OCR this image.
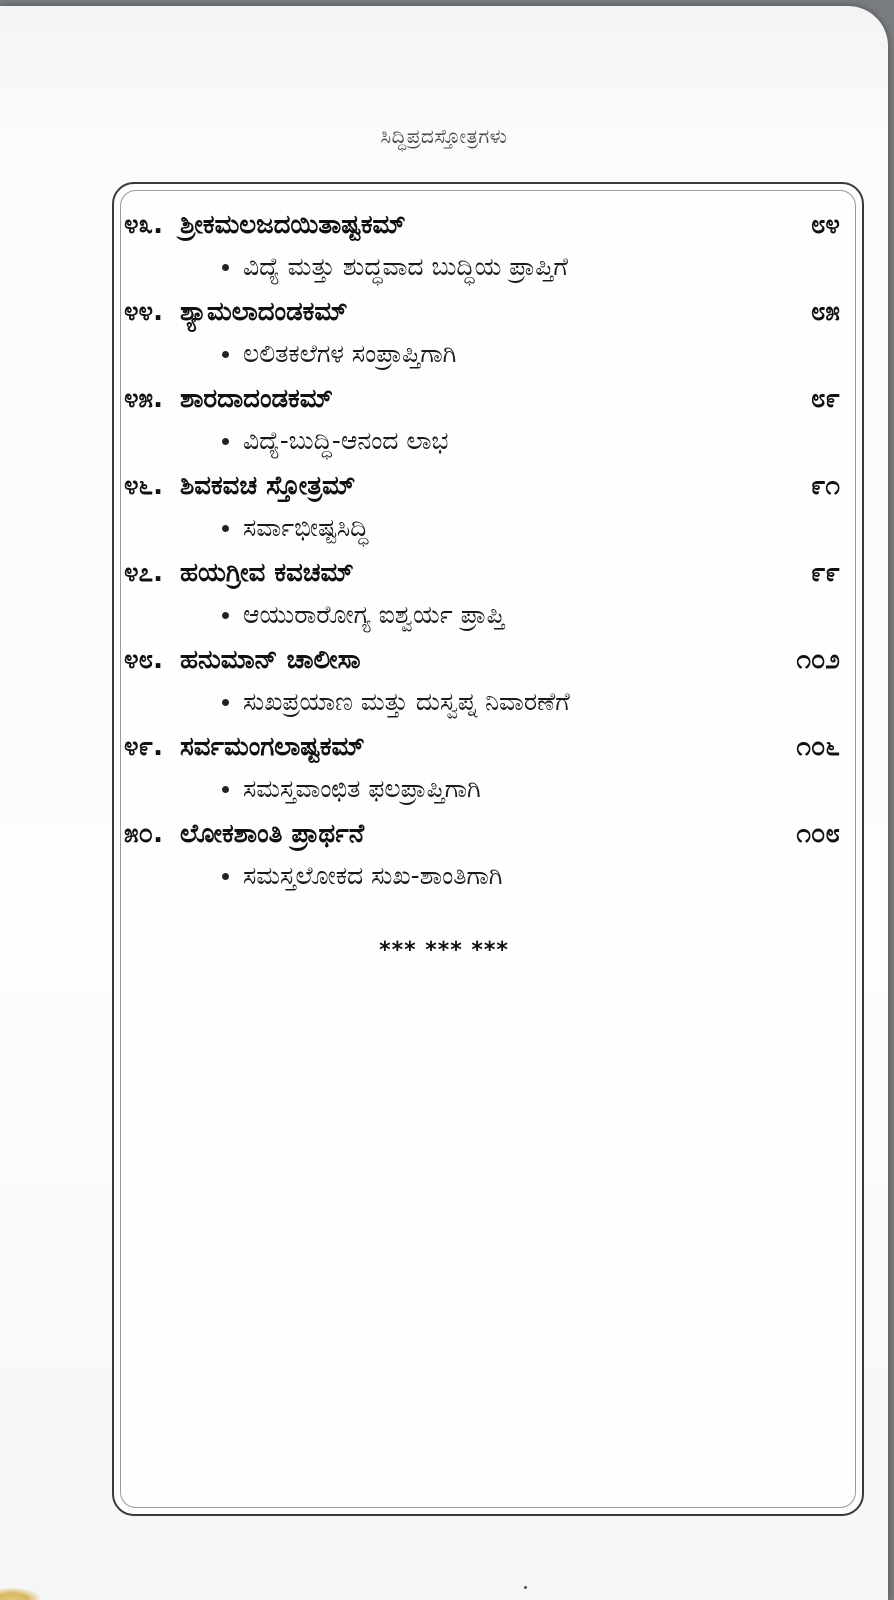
ಸಿದ್ಧಿಪ್ರದಸ್ತೋತ್ರಗಳು
೪೩. ಶ್ರೀಕಮಲಜದಯಿತಾಷ್ಟಕಮ್	೮೪
ವಿದ್ಯೆ ಮತ್ತು ಶುದ್ಧವಾದ ಬುದ್ಧಿಯ ಪ್ರಾಪ್ತಿಗೆ
೪೪. ಶ್ಯಾಮಲಾದಂಡಕಮ್	೮೫
ಲಲಿತಕಲೆಗಳ ಸಂಪ್ರಾಪ್ತಿಗಾಗಿ
೪೫. ಶಾರದಾದಂಡಕಮ್	೮೯
ವಿದ್ಯೆ-ಬುದ್ಧಿ-ಆನಂದ ಲಾಭ
೪೬. ಶಿವಕವಚ ಸ್ತೋತ್ರಮ್	೯೧
ಸರ್ವಾಭೀಷ್ಟಸಿದ್ಧಿ
೪೭. ಹಯಗ್ರೀವ ಕವಚಮ್	೯೯
ಆಯುರಾರೋಗ್ಯ ಐಶ್ವರ್ಯ ಪ್ರಾಪ್ತಿ
೪೮. ಹನುಮಾನ್ ಚಾಲೀಸಾ	೧೦೨
ಸುಖಪ್ರಯಾಣ ಮತ್ತು ದುಸ್ವಪ್ನ ನಿವಾರಣೆಗೆ
೪೯. ಸರ್ವಮಂಗಲಾಷ್ಟಕಮ್	೧೦೬
ಸಮಸ್ತವಾಂಛಿತ ಫಲಪ್ರಾಪ್ತಿಗಾಗಿ
೫೦. ಲೋಕಶಾಂತಿ ಪ್ರಾರ್ಥನೆ	೧೦೮
ಸಮಸ್ತಲೋಕದ ಸುಖ-ಶಾಂತಿಗಾಗಿ
*** *** ***
